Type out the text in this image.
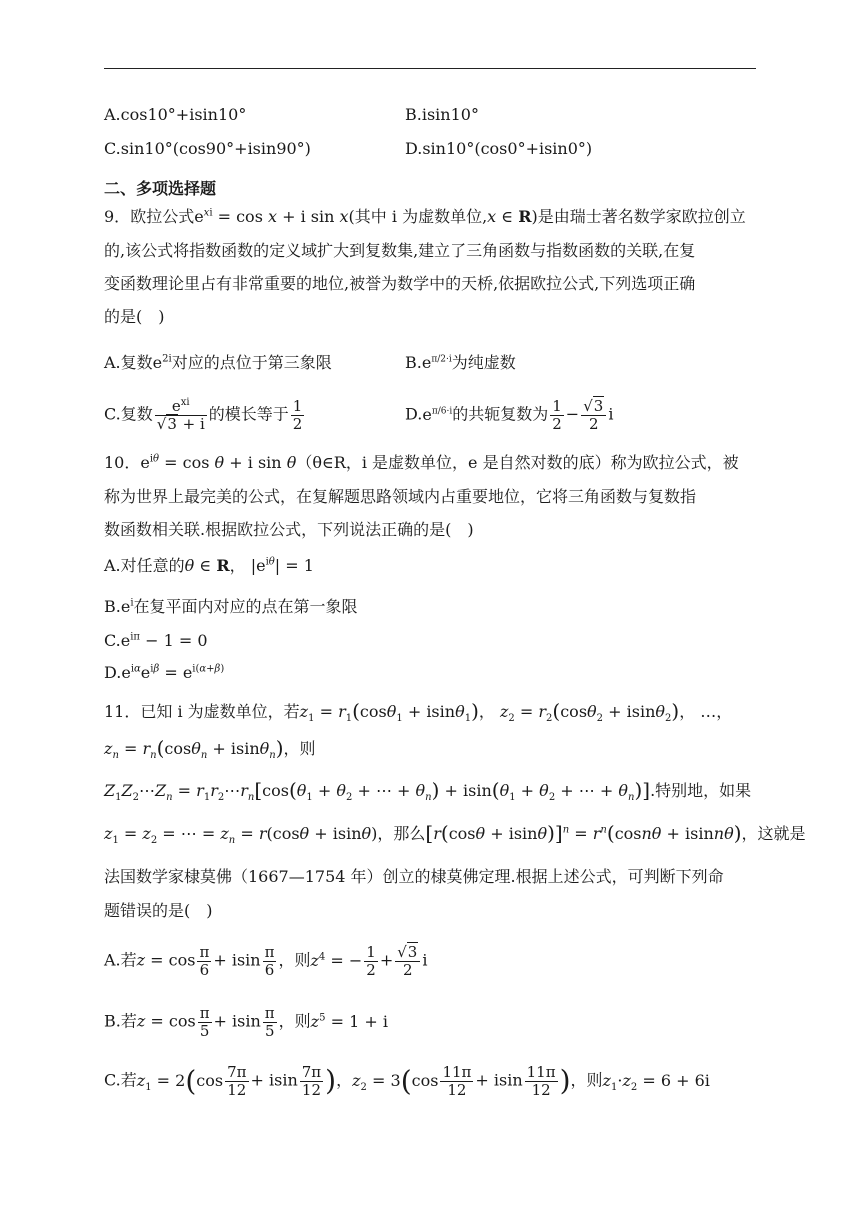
A.cos10°+isin10°	B.isin10°
C.sin10°(cos90°+isin90°)	D.sin10°(cos0°+isin0°)
二、多项选择题
9．欧拉公式$e^{xi} = \cos x + i$ sin x(其中 i 为虚数单位,x ∈ R)是由瑞士著名数学家欧拉创立
的,该公式将指数函数的定义域扩大到复数集,建立了三角函数与指数函数的关联,在复
变函数理论里占有非常重要的地位,被誉为数学中的天桥,依据欧拉公式,下列选项正确
的是(　)
A.复数$e^{2i}$对应的点位于第三象限	$B.e^{\pi/2\cdot i}$为纯虚数
C.复数 $\frac{e^{xi}}{√3 + i}$ 的模长等于 $\frac{1}{2}$	$D.e^{\pi/6\cdot i}$的共轭复数为 $\frac{1}{2} - \frac{√3}{2}$ i
10．$e^{i\theta} = \cos \theta + i$ sin θ（θ∈R，i 是虚数单位，e 是自然对数的底）称为欧拉公式，被
称为世界上最完美的公式，在复解题思路领域内占重要地位，它将三角函数与复数指
数函数相关联.根据欧拉公式，下列说法正确的是(　)
A.对任意的θ ∈ R， $|e^{i\theta}| = 1$
$B.e^i$在复平面内对应的点在第一象限
$C.e^{i\pi} - 1 = 0$
$D.e^{i\alpha}e^{i\beta} = e^{i(\alpha+\beta)}$
11．已知 i 为虚数单位，若$z_1 = r_1(\cos\theta_1 + isin\theta_1)$， $z_2 = r_2(\cos\theta_2 + isin\theta_2)$， …，
$z_n = r_n(\cos\theta_n + isin\theta_n)$，则
$Z_1Z_2\cdots Z_n$ = $r_1r_2\cdots r_n[\cos(\theta_1 + \theta_2$ + ⋯ + $\theta_n) + isin(\theta_1 + \theta_2$ + ⋯ + $\theta_n$)].特别地，如果
$z_1 = z_2$ = ⋯ = $z_n = r(\cos\theta + isin\theta)$，那么$[r(\cos\theta + isin\theta)]^n = r^n(\cos n\theta + isinn\theta)$，这就是
法国数学家棣莫佛（1667—1754 年）创立的棣莫佛定理.根据上述公式，可判断下列命
题错误的是(　)
A.若$z = \cos \frac{\pi}{6} + isin \frac{\pi}{6}$ ，则$z^4$ = − $\frac{1}{2} + \frac{√3}{2}$ i
B.若$z = \cos \frac{\pi}{5} + isin \frac{\pi}{5}$ ，则$z^5 = 1 + i$
C.若$z_1 = 2(\cos \frac{7\pi}{12} + isin \frac{7\pi}{12}$ )，$z_2 = 3(\cos \frac{11\pi}{12} + isin \frac{11\pi}{12}$ )，则$z_1\cdot z_2 = 6 + 6i$
